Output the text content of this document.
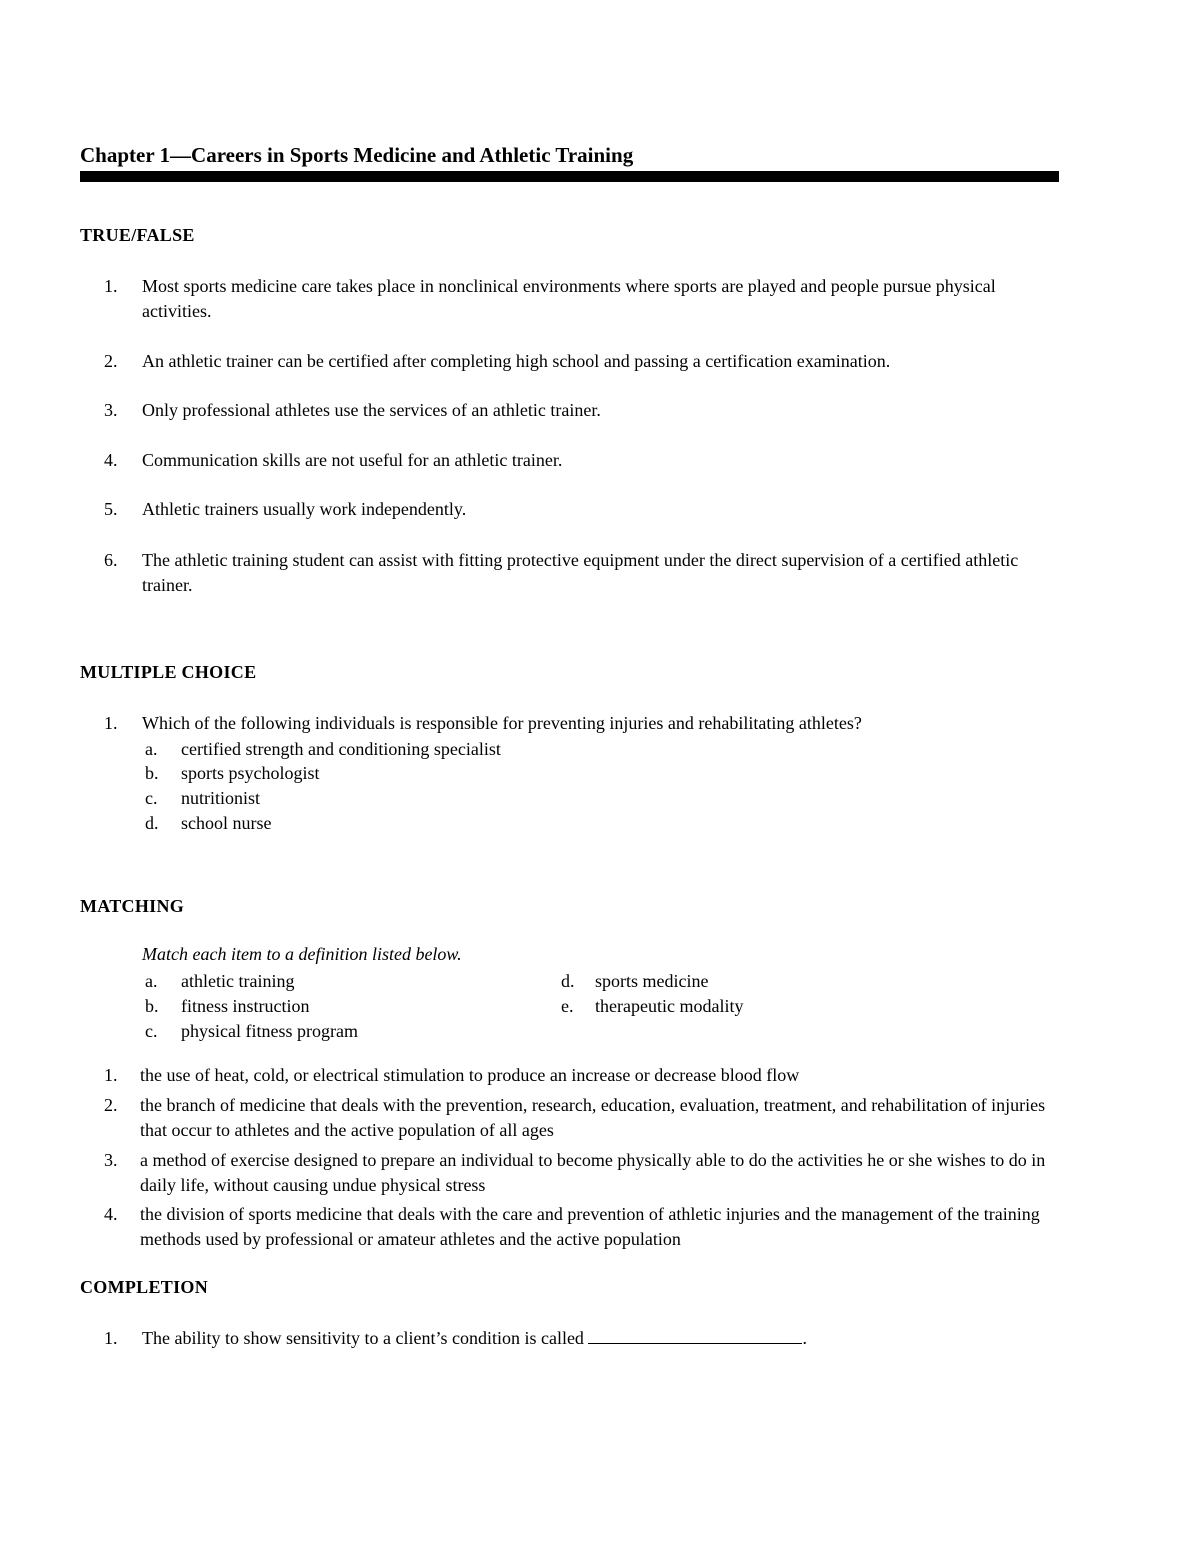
Chapter 1—Careers in Sports Medicine and Athletic Training
TRUE/FALSE
1. Most sports medicine care takes place in nonclinical environments where sports are played and people pursue physical activities.
2. An athletic trainer can be certified after completing high school and passing a certification examination.
3. Only professional athletes use the services of an athletic trainer.
4. Communication skills are not useful for an athletic trainer.
5. Athletic trainers usually work independently.
6. The athletic training student can assist with fitting protective equipment under the direct supervision of a certified athletic trainer.
MULTIPLE CHOICE
1. Which of the following individuals is responsible for preventing injuries and rehabilitating athletes?
a. certified strength and conditioning specialist
b. sports psychologist
c. nutritionist
d. school nurse
MATCHING
Match each item to a definition listed below.
a. athletic training
b. fitness instruction
c. physical fitness program
d. sports medicine
e. therapeutic modality
1. the use of heat, cold, or electrical stimulation to produce an increase or decrease blood flow
2. the branch of medicine that deals with the prevention, research, education, evaluation, treatment, and rehabilitation of injuries that occur to athletes and the active population of all ages
3. a method of exercise designed to prepare an individual to become physically able to do the activities he or she wishes to do in daily life, without causing undue physical stress
4. the division of sports medicine that deals with the care and prevention of athletic injuries and the management of the training methods used by professional or amateur athletes and the active population
COMPLETION
1. The ability to show sensitivity to a client’s condition is called	.
